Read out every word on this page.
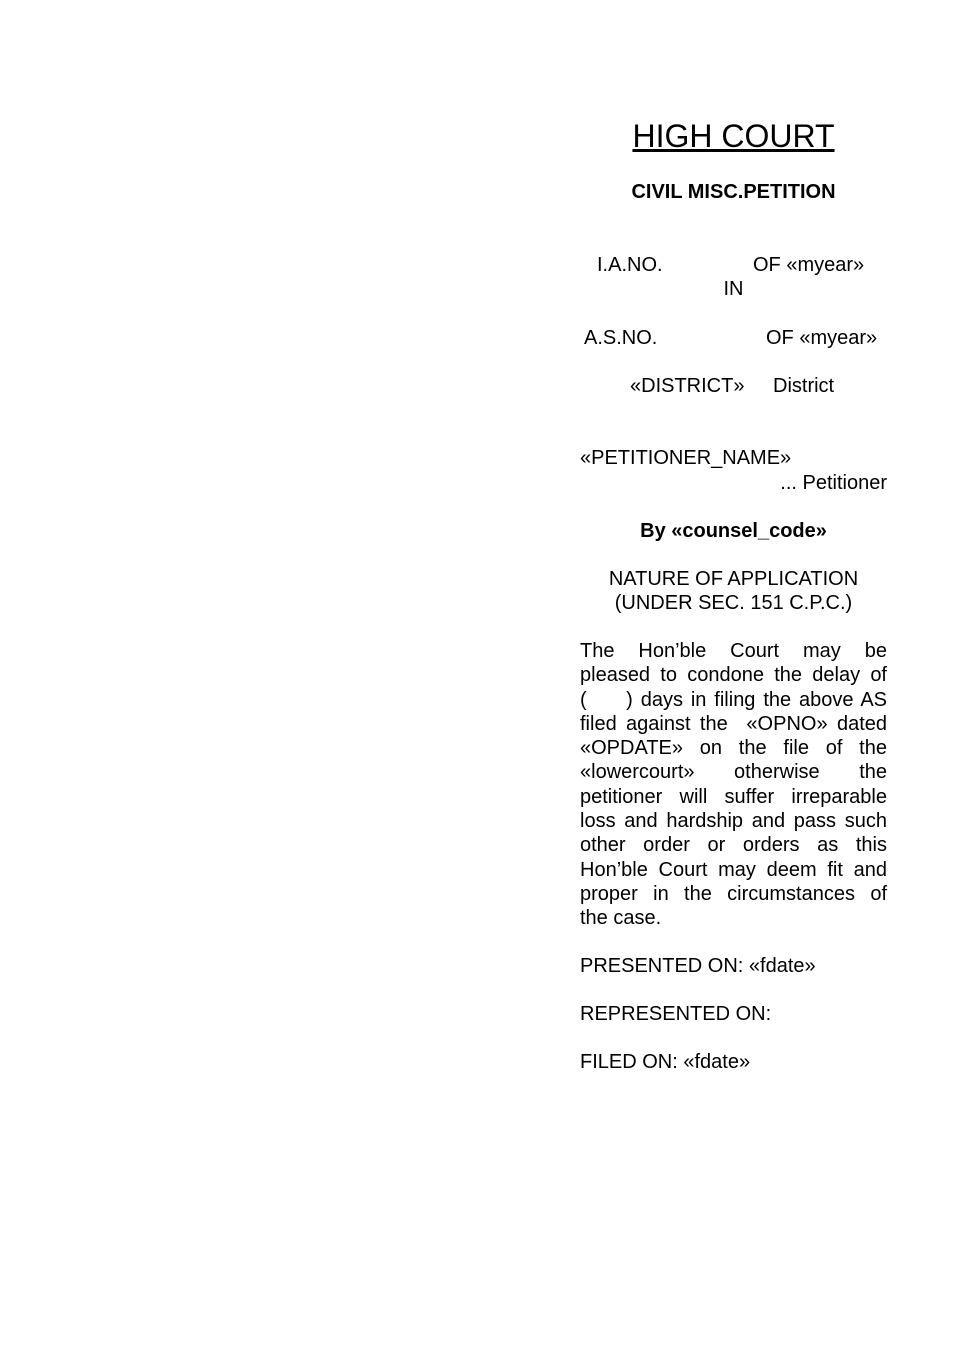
HIGH COURT
CIVIL MISC.PETITION
I.A.NO.	OF «myear»
IN
A.S.NO.	OF «myear»
«DISTRICT» District
«PETITIONER_NAME»
... Petitioner
By «counsel_code»
NATURE OF APPLICATION
(UNDER SEC. 151 C.P.C.)
The Hon’ble Court may be
pleased to condone the delay of
(     ) days in filing the above AS
filed against the  «OPNO» dated
«OPDATE» on the file of the
«lowercourt» otherwise the
petitioner will suffer irreparable
loss and hardship and pass such
other order or orders as this
Hon’ble Court may deem fit and
proper in the circumstances of
the case.
PRESENTED ON: «fdate»
REPRESENTED ON:
FILED ON: «fdate»
